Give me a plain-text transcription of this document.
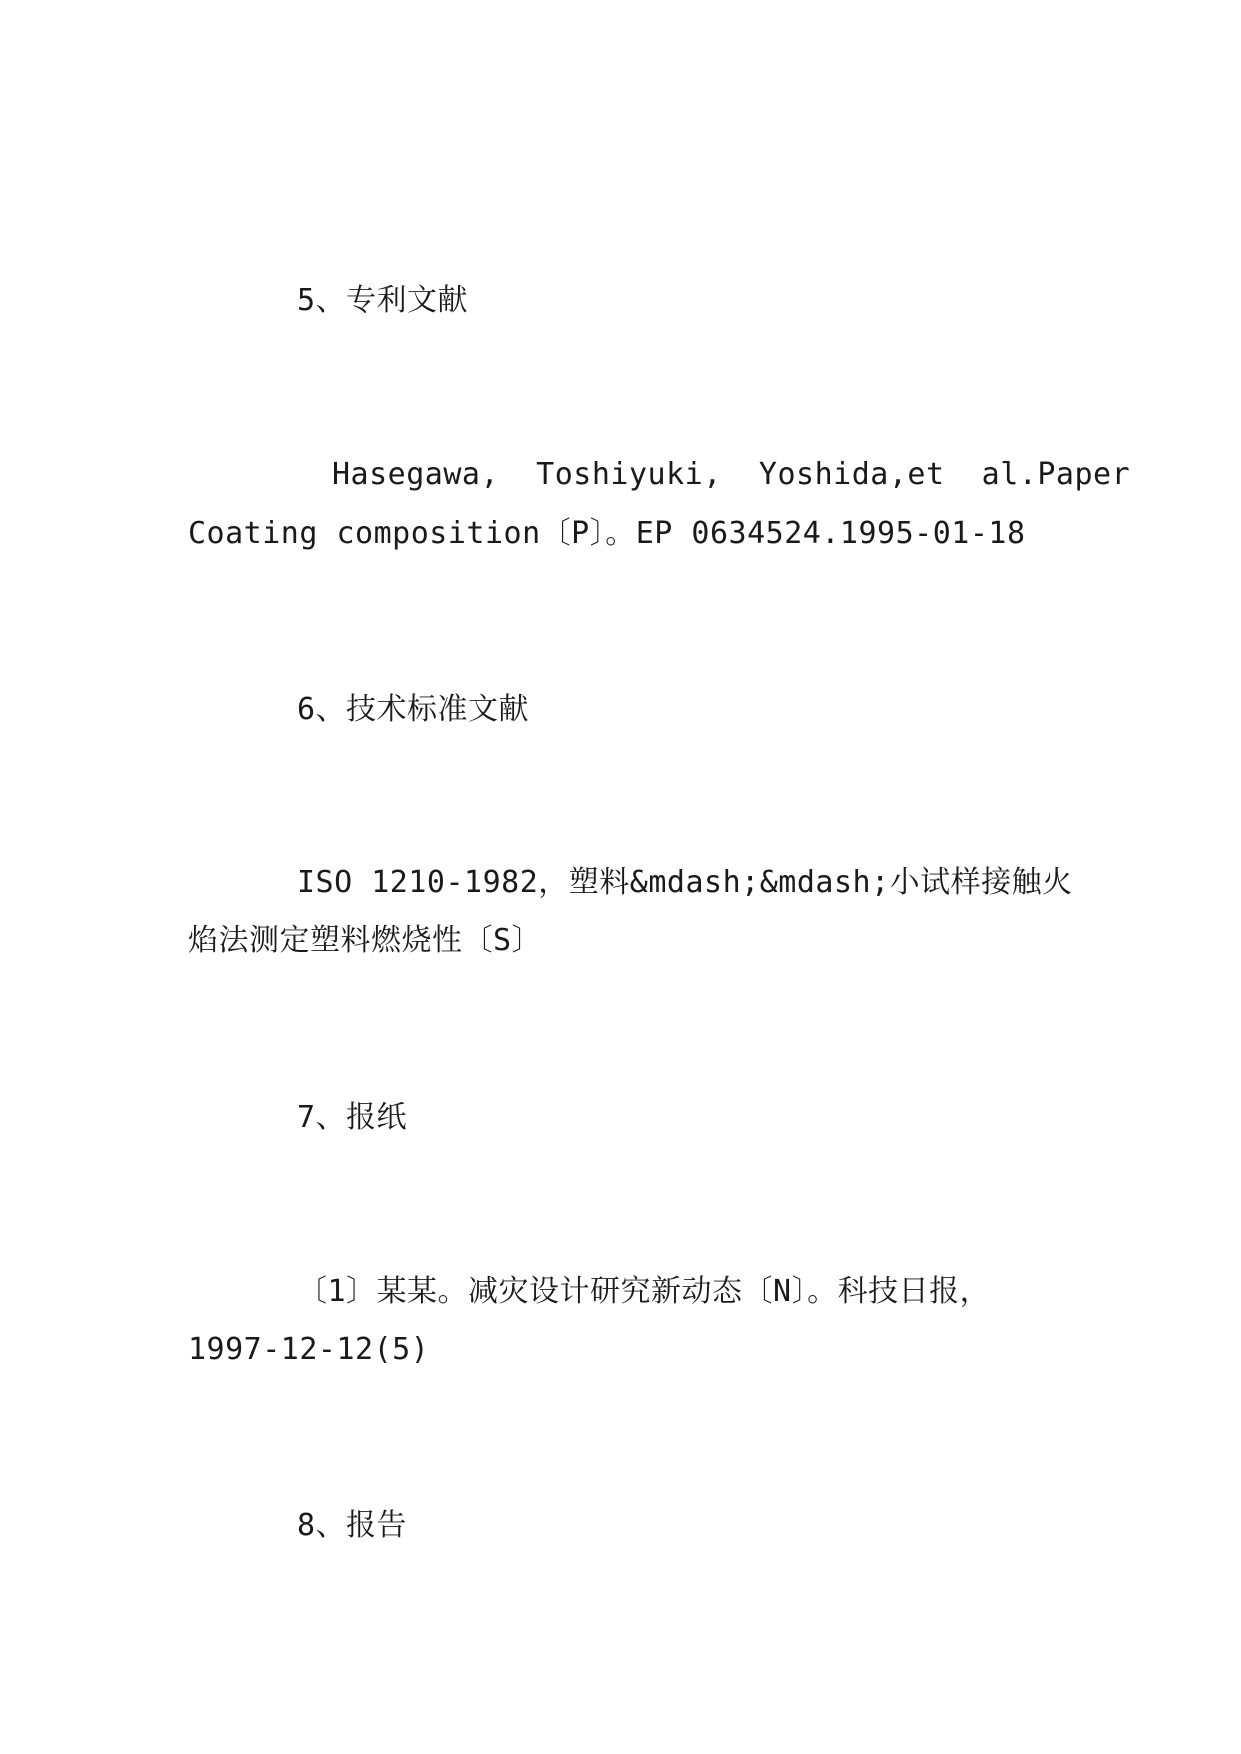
5、专利文献
Hasegawa,  Toshiyuki,  Yoshida,et  al.Paper
Coating composition〔P〕。EP 0634524.1995-01-18
6、技术标准文献
ISO 1210-1982，塑料&mdash;&mdash;小试样接触火
焰法测定塑料燃烧性〔S〕
7、报纸
〔1〕某某。减灾设计研究新动态〔N〕。科技日报，
1997-12-12(5)
8、报告
